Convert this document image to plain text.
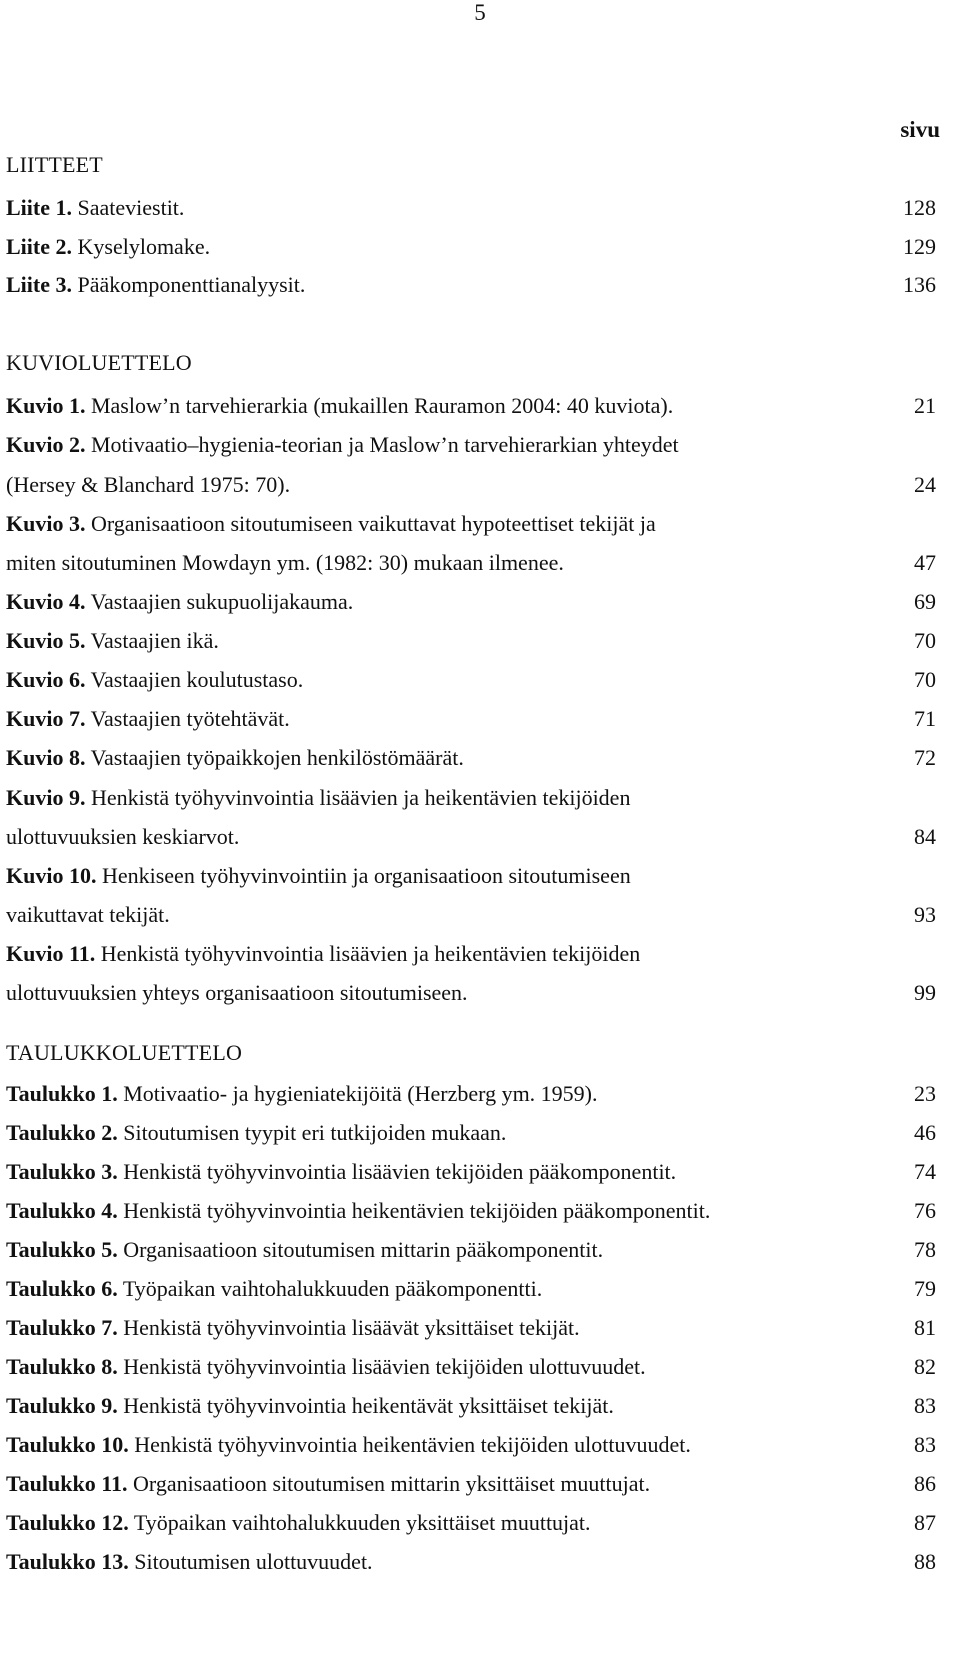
5
sivu
LIITTEET
Liite 1. Saateviestit.	128
Liite 2. Kyselylomake.	129
Liite 3. Pääkomponenttianalyysit.	136
KUVIOLUETTELO
Kuvio 1. Maslow’n tarvehierarkia (mukaillen Rauramon 2004: 40 kuviota).	21
Kuvio 2. Motivaatio–hygienia-teorian ja Maslow’n tarvehierarkian yhteydet
(Hersey & Blanchard 1975: 70).	24
Kuvio 3. Organisaatioon sitoutumiseen vaikuttavat hypoteettiset tekijät ja
miten sitoutuminen Mowdayn ym. (1982: 30) mukaan ilmenee.	47
Kuvio 4. Vastaajien sukupuolijakauma.	69
Kuvio 5. Vastaajien ikä.	70
Kuvio 6. Vastaajien koulutustaso.	70
Kuvio 7. Vastaajien työtehtävät.	71
Kuvio 8. Vastaajien työpaikkojen henkilöstömäärät.	72
Kuvio 9. Henkistä työhyvinvointia lisäävien ja heikentävien tekijöiden
ulottuvuuksien keskiarvot.	84
Kuvio 10. Henkiseen työhyvinvointiin ja organisaatioon sitoutumiseen
vaikuttavat tekijät.	93
Kuvio 11. Henkistä työhyvinvointia lisäävien ja heikentävien tekijöiden
ulottuvuuksien yhteys organisaatioon sitoutumiseen.	99
TAULUKKOLUETTELO
Taulukko 1. Motivaatio- ja hygieniatekijöitä (Herzberg ym. 1959).	23
Taulukko 2. Sitoutumisen tyypit eri tutkijoiden mukaan.	46
Taulukko 3. Henkistä työhyvinvointia lisäävien tekijöiden pääkomponentit.	74
Taulukko 4. Henkistä työhyvinvointia heikentävien tekijöiden pääkomponentit.	76
Taulukko 5. Organisaatioon sitoutumisen mittarin pääkomponentit.	78
Taulukko 6. Työpaikan vaihtohalukkuuden pääkomponentti.	79
Taulukko 7. Henkistä työhyvinvointia lisäävät yksittäiset tekijät.	81
Taulukko 8. Henkistä työhyvinvointia lisäävien tekijöiden ulottuvuudet.	82
Taulukko 9. Henkistä työhyvinvointia heikentävät yksittäiset tekijät.	83
Taulukko 10. Henkistä työhyvinvointia heikentävien tekijöiden ulottuvuudet.	83
Taulukko 11. Organisaatioon sitoutumisen mittarin yksittäiset muuttujat.	86
Taulukko 12. Työpaikan vaihtohalukkuuden yksittäiset muuttujat.	87
Taulukko 13. Sitoutumisen ulottuvuudet.	88
